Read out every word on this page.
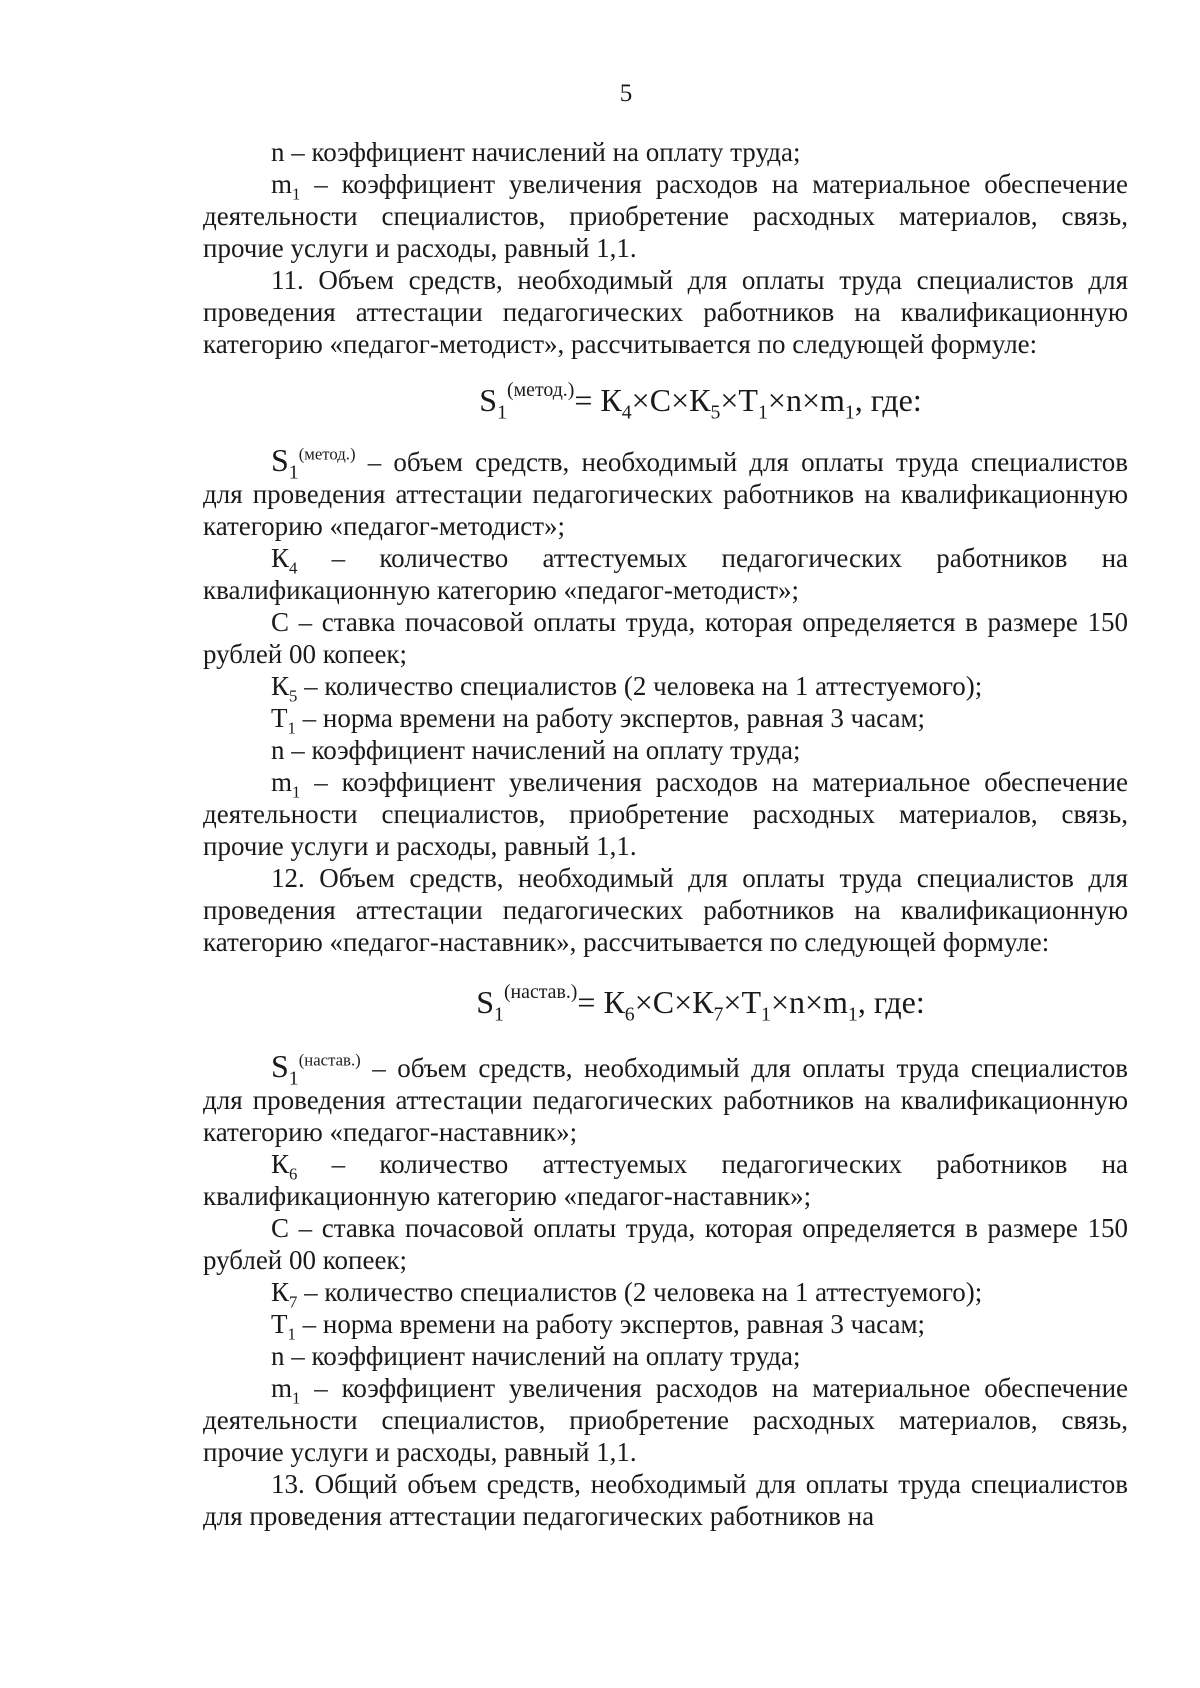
5

n – коэффициент начислений на оплату труда;

$m_1$ – коэффициент увеличения расходов на материальное обеспечение деятельности специалистов, приобретение расходных материалов, связь, прочие услуги и расходы, равный 1,1.

11. Объем средств, необходимый для оплаты труда специалистов для проведения аттестации педагогических работников на квалификационную категорию «педагог-методист», рассчитывается по следующей формуле:

$S_1^{(метод.)}= К_4\times С\times К_5\times Т_1\times n\times m_1$, где:

$S_1^{(метод.)}$ – объем средств, необходимый для оплаты труда специалистов для проведения аттестации педагогических работников на квалификационную категорию «педагог-методист»;

$К_4$ – количество аттестуемых педагогических работников на квалификационную категорию «педагог-методист»;

С – ставка почасовой оплаты труда, которая определяется в размере 150 рублей 00 копеек;

$К_5$ – количество специалистов (2 человека на 1 аттестуемого);

$Т_1$ – норма времени на работу экспертов, равная 3 часам;

n – коэффициент начислений на оплату труда;

$m_1$ – коэффициент увеличения расходов на материальное обеспечение деятельности специалистов, приобретение расходных материалов, связь, прочие услуги и расходы, равный 1,1.

12. Объем средств, необходимый для оплаты труда специалистов для проведения аттестации педагогических работников на квалификационную категорию «педагог-наставник», рассчитывается по следующей формуле:

$S_1^{(настав.)}= К_6\times С\times К_7\times Т_1\times n\times m_1$, где:

$S_1^{(настав.)}$ – объем средств, необходимый для оплаты труда специалистов для проведения аттестации педагогических работников на квалификационную категорию «педагог-наставник»;

$К_6$ – количество аттестуемых педагогических работников на квалификационную категорию «педагог-наставник»;

С – ставка почасовой оплаты труда, которая определяется в размере 150 рублей 00 копеек;

$К_7$ – количество специалистов (2 человека на 1 аттестуемого);

$Т_1$ – норма времени на работу экспертов, равная 3 часам;

n – коэффициент начислений на оплату труда;

$m_1$ – коэффициент увеличения расходов на материальное обеспечение деятельности специалистов, приобретение расходных материалов, связь, прочие услуги и расходы, равный 1,1.

13. Общий объем средств, необходимый для оплаты труда специалистов для проведения аттестации педагогических работников на
